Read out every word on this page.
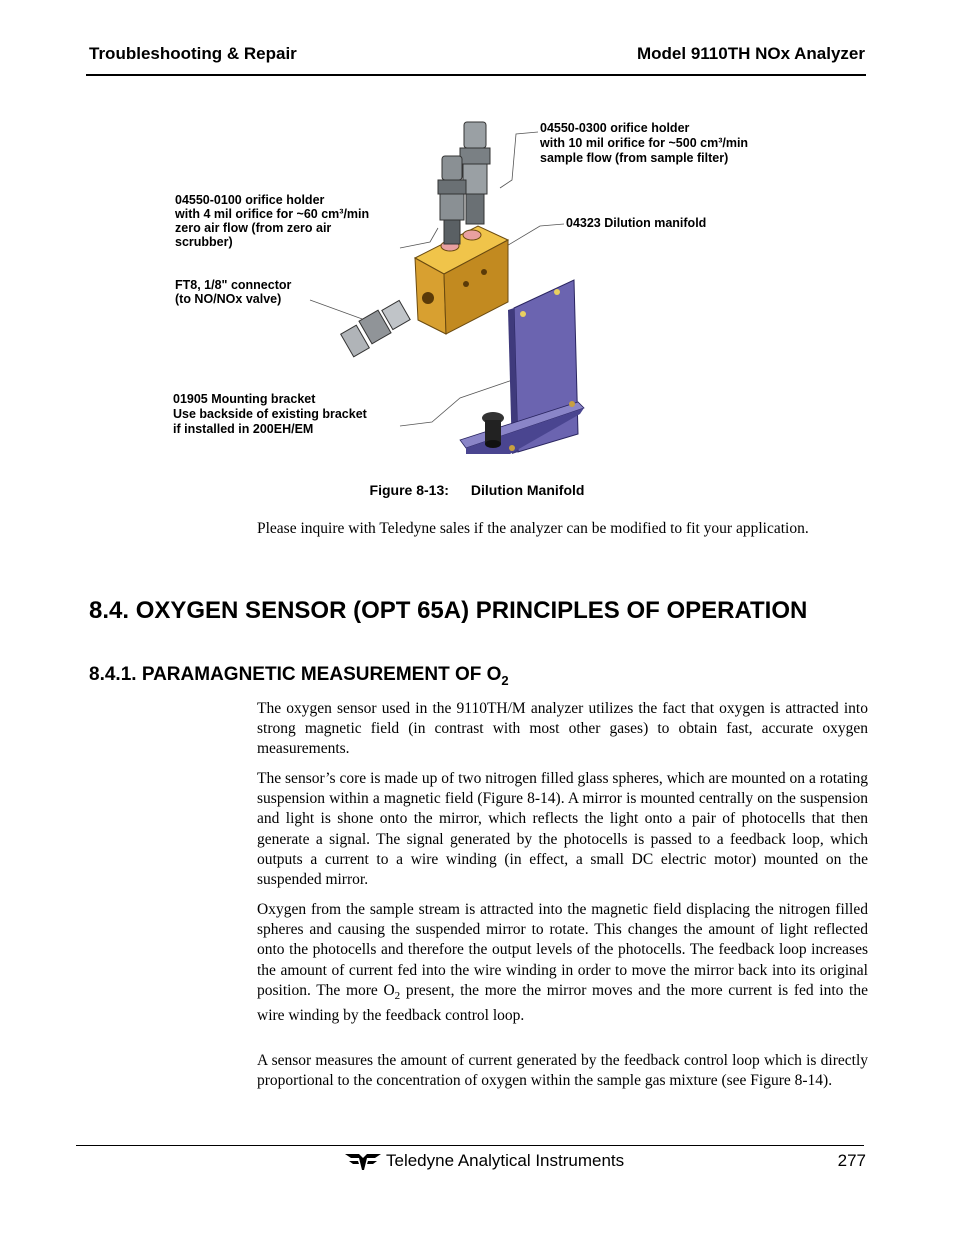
Troubleshooting & Repair	Model 9110TH NOx Analyzer
04550-0300 orifice holder
with 10 mil orifice for ~500 cm³/min
sample flow (from sample filter)
04550-0100 orifice holder
with 4 mil orifice for ~60 cm³/min
zero air flow (from zero air
scrubber)
04323 Dilution manifold
FT8, 1/8" connector
(to NO/NOx valve)
01905 Mounting bracket
Use backside of existing bracket
if installed in 200EH/EM
Figure 8-13: Dilution Manifold
Please inquire with Teledyne sales if the analyzer can be modified to fit your application.
8.4. OXYGEN SENSOR (OPT 65A) PRINCIPLES OF OPERATION
8.4.1. PARAMAGNETIC MEASUREMENT OF $O_2$
The oxygen sensor used in the 9110TH/M analyzer utilizes the fact that oxygen is attracted into strong magnetic field (in contrast with most other gases) to obtain fast, accurate oxygen measurements.
The sensor’s core is made up of two nitrogen filled glass spheres, which are mounted on a rotating suspension within a magnetic field (Figure 8-14). A mirror is mounted centrally on the suspension and light is shone onto the mirror, which reflects the light onto a pair of photocells that then generate a signal. The signal generated by the photocells is passed to a feedback loop, which outputs a current to a wire winding (in effect, a small DC electric motor) mounted on the suspended mirror.
Oxygen from the sample stream is attracted into the magnetic field displacing the nitrogen filled spheres and causing the suspended mirror to rotate. This changes the amount of light reflected onto the photocells and therefore the output levels of the photocells. The feedback loop increases the amount of current fed into the wire winding in order to move the mirror back into its original position. The more $O_2$ present, the more the mirror moves and the more current is fed into the wire winding by the feedback control loop.
A sensor measures the amount of current generated by the feedback control loop which is directly proportional to the concentration of oxygen within the sample gas mixture (see Figure 8-14).
Teledyne Analytical Instruments	277
